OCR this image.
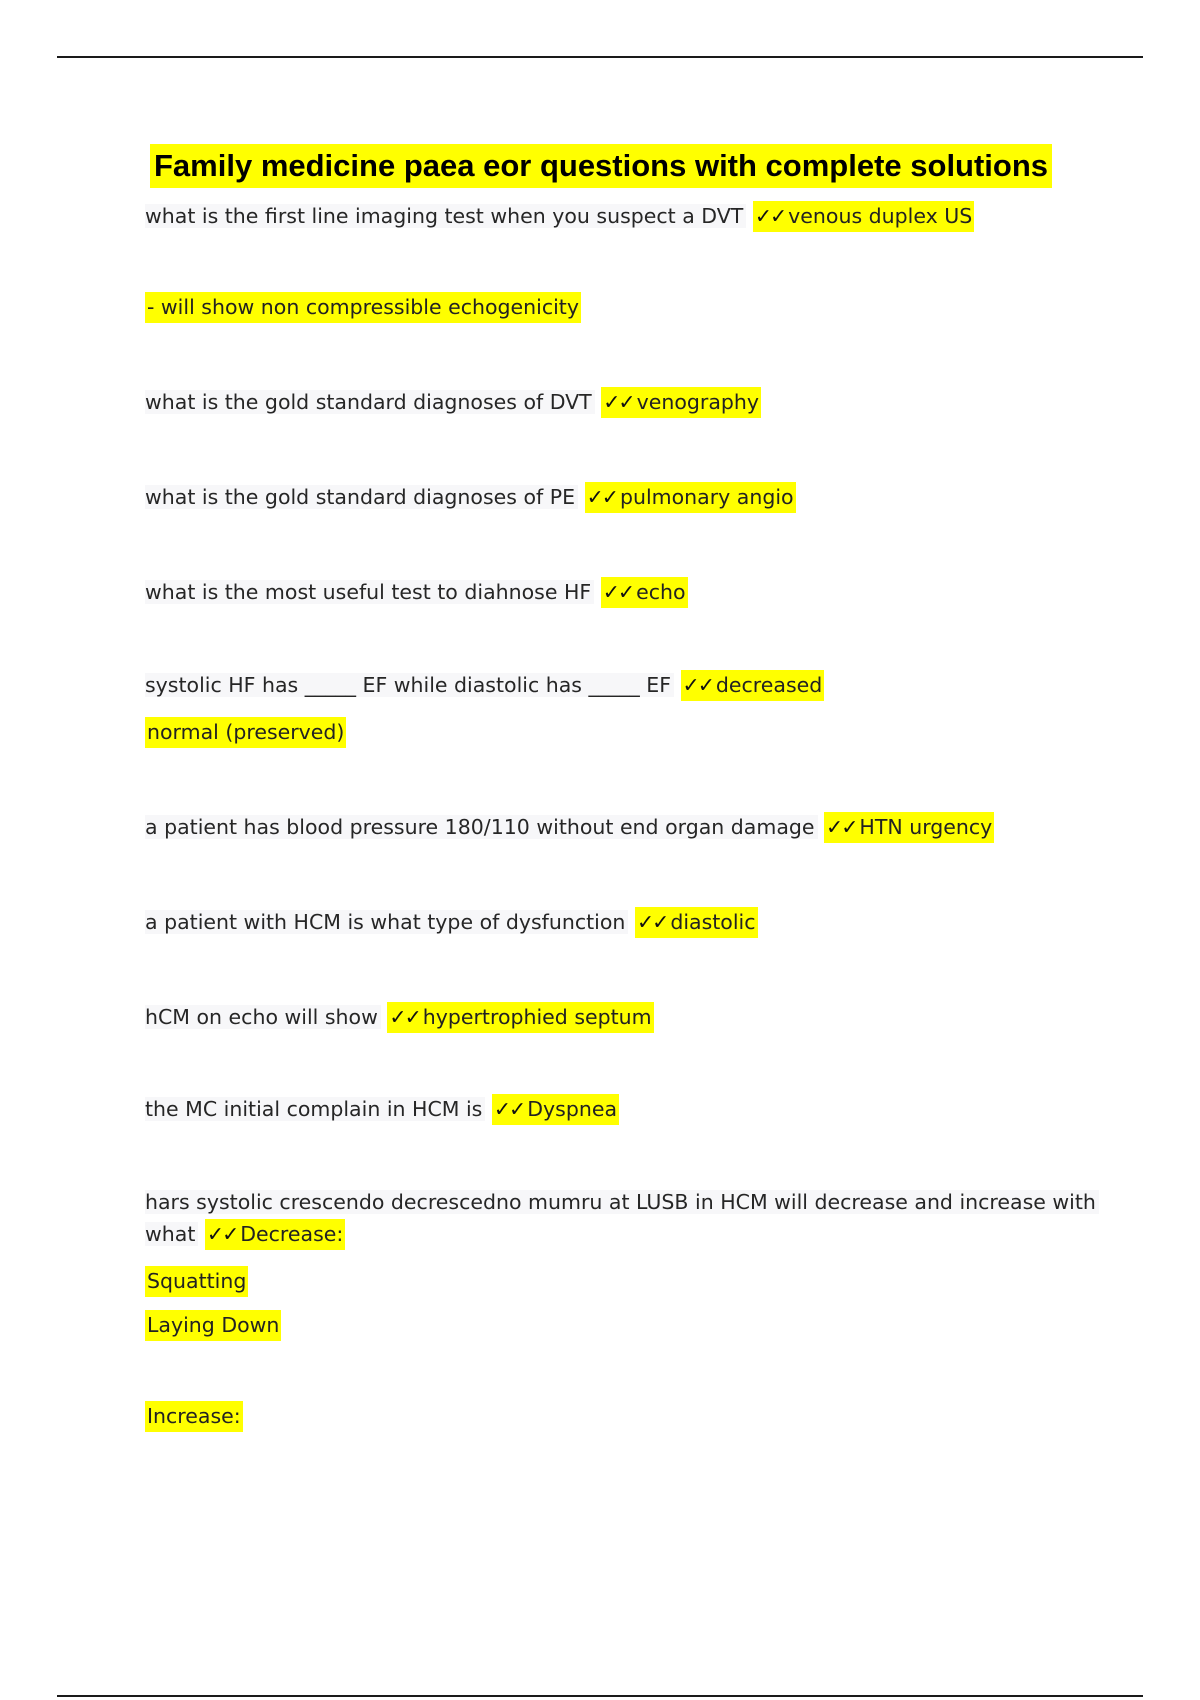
Family medicine paea eor questions with complete solutions
what is the first line imaging test when you suspect a DVT ✓✓ venous duplex US
- will show non compressible echogenicity
what is the gold standard diagnoses of DVT ✓✓ venography
what is the gold standard diagnoses of PE ✓✓ pulmonary angio
what is the most useful test to diahnose HF ✓✓ echo
systolic HF has _____ EF while diastolic has _____ EF ✓✓ decreased
normal (preserved)
a patient has blood pressure 180/110 without end organ damage ✓✓ HTN urgency
a patient with HCM is what type of dysfunction ✓✓ diastolic
hCM on echo will show ✓✓ hypertrophied septum
the MC initial complain in HCM is ✓✓ Dyspnea
hars systolic crescendo decrescedno mumru at LUSB in HCM will decrease and increase with
what ✓✓ Decrease:
Squatting
Laying Down
Increase:
